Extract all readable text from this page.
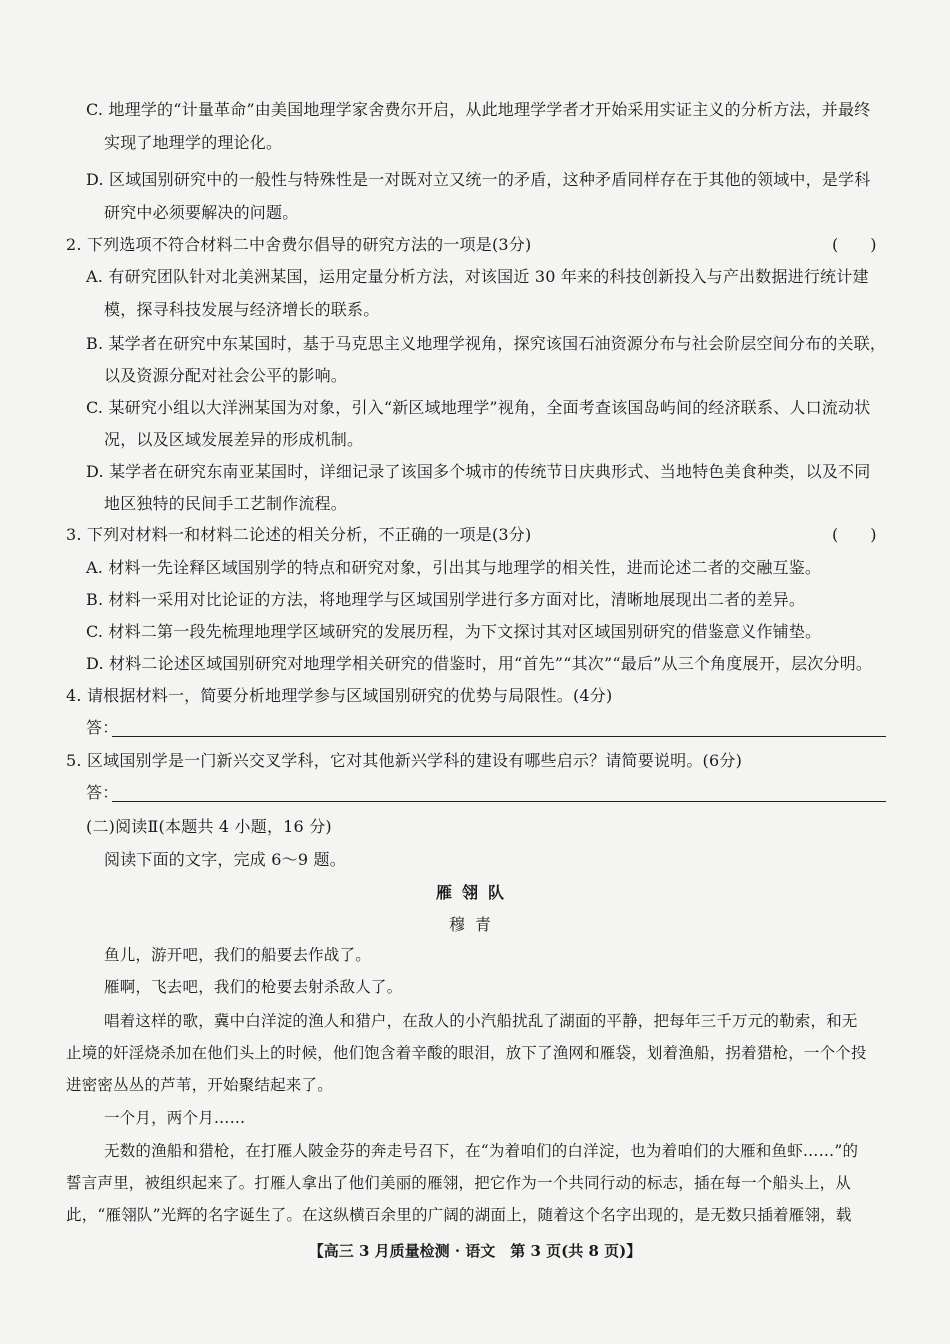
C. 地理学的“计量革命”由美国地理学家舍费尔开启，从此地理学学者才开始采用实证主义的分析方法，并最终
实现了地理学的理论化。
D. 区域国别研究中的一般性与特殊性是一对既对立又统一的矛盾，这种矛盾同样存在于其他的领域中，是学科
研究中必须要解决的问题。
2. 下列选项不符合材料二中舍费尔倡导的研究方法的一项是(3分)	(　　)
A. 有研究团队针对北美洲某国，运用定量分析方法，对该国近 30 年来的科技创新投入与产出数据进行统计建
模，探寻科技发展与经济增长的联系。
B. 某学者在研究中东某国时，基于马克思主义地理学视角，探究该国石油资源分布与社会阶层空间分布的关联，
以及资源分配对社会公平的影响。
C. 某研究小组以大洋洲某国为对象，引入“新区域地理学”视角，全面考查该国岛屿间的经济联系、人口流动状
况，以及区域发展差异的形成机制。
D. 某学者在研究东南亚某国时，详细记录了该国多个城市的传统节日庆典形式、当地特色美食种类，以及不同
地区独特的民间手工艺制作流程。
3. 下列对材料一和材料二论述的相关分析，不正确的一项是(3分)	(　　)
A. 材料一先诠释区域国别学的特点和研究对象，引出其与地理学的相关性，进而论述二者的交融互鉴。
B. 材料一采用对比论证的方法，将地理学与区域国别学进行多方面对比，清晰地展现出二者的差异。
C. 材料二第一段先梳理地理学区域研究的发展历程，为下文探讨其对区域国别研究的借鉴意义作铺垫。
D. 材料二论述区域国别研究对地理学相关研究的借鉴时，用“首先”“其次”“最后”从三个角度展开，层次分明。
4. 请根据材料一，简要分析地理学参与区域国别研究的优势与局限性。(4分)
答：
5. 区域国别学是一门新兴交叉学科，它对其他新兴学科的建设有哪些启示？请简要说明。(6分)
答：
(二)阅读Ⅱ(本题共 4 小题，16 分)
阅读下面的文字，完成 6～9 题。
雁翎队
穆青
鱼儿，游开吧，我们的船要去作战了。
雁啊，飞去吧，我们的枪要去射杀敌人了。
唱着这样的歌，冀中白洋淀的渔人和猎户，在敌人的小汽船扰乱了湖面的平静，把每年三千万元的勒索，和无
止境的奸淫烧杀加在他们头上的时候，他们饱含着辛酸的眼泪，放下了渔网和雁袋，划着渔船，拐着猎枪，一个个投
进密密丛丛的芦苇，开始聚结起来了。
一个月，两个月……
无数的渔船和猎枪，在打雁人陂金芬的奔走号召下，在“为着咱们的白洋淀，也为着咱们的大雁和鱼虾……”的
誓言声里，被组织起来了。打雁人拿出了他们美丽的雁翎，把它作为一个共同行动的标志，插在每一个船头上，从
此，“雁翎队”光辉的名字诞生了。在这纵横百余里的广阔的湖面上，随着这个名字出现的，是无数只插着雁翎，载
【高三 3 月质量检测 · 语文　第 3 页(共 8 页)】
